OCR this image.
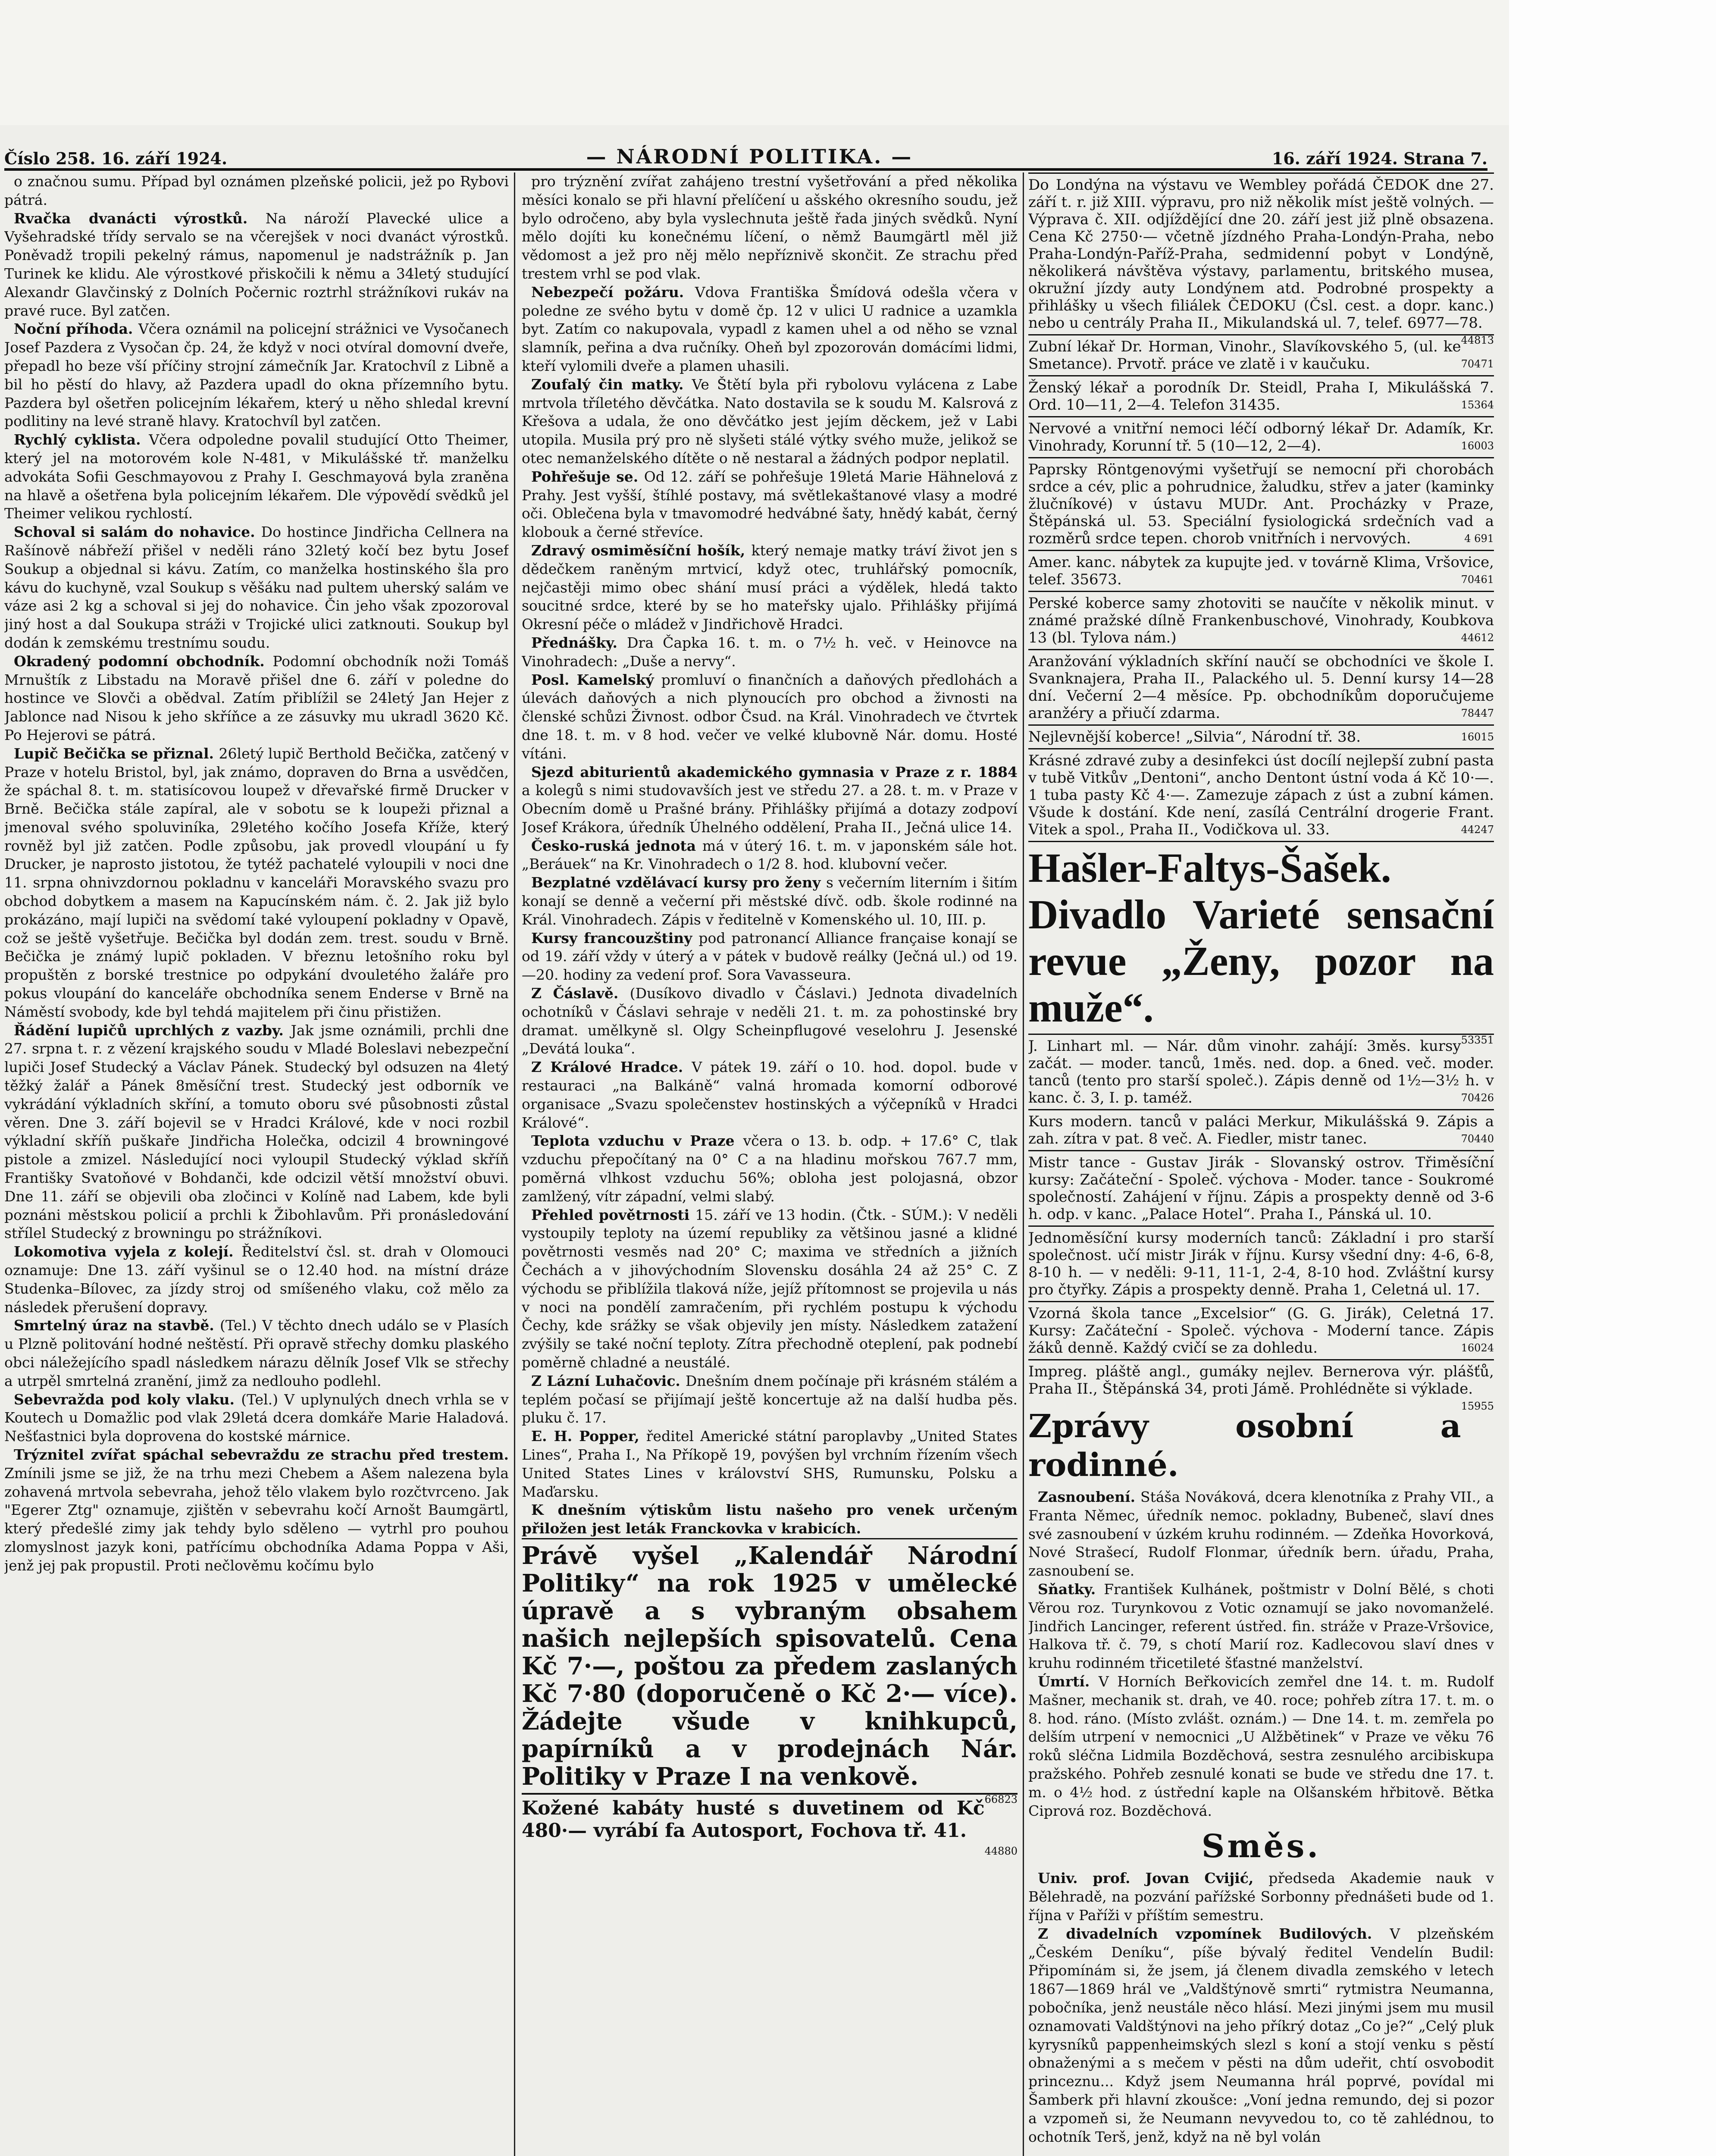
Číslo 258. 16. září 1924.	— NÁRODNÍ POLITIKA. —	16. září 1924. Strana 7.

o značnou sumu. Případ byl oznámen plzeňské policii, jež po Rybovi pátrá.

Rvačka dvanácti výrostků. Na nároží Plavecké ulice a Vyšehradské třídy servalo se na včerejšek v noci dvanáct výrostků. Poněvadž tropili pekelný rámus, napomenul je nadstrážník p. Jan Turinek ke klidu. Ale výrostkové přiskočili k němu a 34letý studující Alexandr Glavčinský z Dolních Počernic roztrhl strážníkovi rukáv na pravé ruce. Byl zatčen.

Noční příhoda. Včera oznámil na policejní strážnici ve Vysočanech Josef Pazdera z Vysočan čp. 24, že když v noci otvíral domovní dveře, přepadl ho beze vší příčiny strojní zámečník Jar. Kratochvíl z Libně a bil ho pěstí do hlavy, až Pazdera upadl do okna přízemního bytu. Pazdera byl ošetřen policejním lékařem, který u něho shledal krevní podlitiny na levé straně hlavy. Kratochvíl byl zatčen.

Rychlý cyklista. Včera odpoledne povalil studující Otto Theimer, který jel na motorovém kole N-481, v Mikulášské tř. manželku advokáta Sofii Geschmayovou z Prahy I. Geschmayová byla zraněna na hlavě a ošetřena byla policejním lékařem. Dle výpovědí svědků jel Theimer velikou rychlostí.

Schoval si salám do nohavice. Do hostince Jindřicha Cellnera na Rašínově nábřeží přišel v neděli ráno 32letý kočí bez bytu Josef Soukup a objednal si kávu. Zatím, co manželka hostinského šla pro kávu do kuchyně, vzal Soukup s věšáku nad pultem uherský salám ve váze asi 2 kg a schoval si jej do nohavice. Čin jeho však zpozoroval jiný host a dal Soukupa stráži v Trojické ulici zatknouti. Soukup byl dodán k zemskému trestnímu soudu.

Okradený podomní obchodník. Podomní obchodník noži Tomáš Mrnuštík z Libstadu na Moravě přišel dne 6. září v poledne do hostince ve Slovči a obědval. Zatím přiblížil se 24letý Jan Hejer z Jablonce nad Nisou k jeho skříňce a ze zásuvky mu ukradl 3620 Kč. Po Hejerovi se pátrá.

Lupič Bečička se přiznal. 26letý lupič Berthold Bečička, zatčený v Praze v hotelu Bristol, byl, jak známo, dopraven do Brna a usvědčen, že spáchal 8. t. m. statisícovou loupež v dřevařské firmě Drucker v Brně. Bečička stále zapíral, ale v sobotu se k loupeži přiznal a jmenoval svého spoluviníka, 29letého kočího Josefa Kříže, který rovněž byl již zatčen. Podle způsobu, jak provedl vloupání u fy Drucker, je naprosto jistotou, že tytéž pachatelé vyloupili v noci dne 11. srpna ohnivzdornou pokladnu v kanceláři Moravského svazu pro obchod dobytkem a masem na Kapucínském nám. č. 2. Jak již bylo prokázáno, mají lupiči na svědomí také vyloupení pokladny v Opavě, což se ještě vyšetřuje. Bečička byl dodán zem. trest. soudu v Brně. Bečička je známý lupič pokladen. V březnu letošního roku byl propuštěn z borské trestnice po odpykání dvouletého žaláře pro pokus vloupání do kanceláře obchodníka senem Enderse v Brně na Náměstí svobody, kde byl tehdá majitelem při činu přistižen.

Řádění lupičů uprchlých z vazby. Jak jsme oznámili, prchli dne 27. srpna t. r. z vězení krajského soudu v Mladé Boleslavi nebezpeční lupiči Josef Studecký a Václav Pánek. Studecký byl odsuzen na 4letý těžký žalář a Pánek 8měsíční trest. Studecký jest odborník ve vykrádání výkladních skříní, a tomuto oboru své působnosti zůstal věren. Dne 3. září bojevil se v Hradci Králové, kde v noci rozbil výkladní skříň puškaře Jindřicha Holečka, odcizil 4 browningové pistole a zmizel. Následující noci vyloupil Studecký výklad skříň Františky Svatoňové v Bohdanči, kde odcizil větší množství obuvi. Dne 11. září se objevili oba zločinci v Kolíně nad Labem, kde byli poznáni městskou policií a prchli k Žibohlavům. Při pronásledování střílel Studecký z browningu po strážníkovi.

Lokomotiva vyjela z kolejí. Ředitelství čsl. st. drah v Olomouci oznamuje: Dne 13. září vyšinul se o 12.40 hod. na místní dráze Studenka–Bílovec, za jízdy stroj od smíšeného vlaku, což mělo za následek přerušení dopravy.

Smrtelný úraz na stavbě. (Tel.) V těchto dnech událo se v Plasích u Plzně politování hodné neštěstí. Při opravě střechy domku plaského obci náležejícího spadl následkem nárazu dělník Josef Vlk se střechy a utrpěl smrtelná zranění, jimž za nedlouho podlehl.

Sebevražda pod koly vlaku. (Tel.) V uplynulých dnech vrhla se v Koutech u Domažlic pod vlak 29letá dcera domkáře Marie Haladová. Nešťastnici byla doprovena do kostské márnice.

Trýznitel zvířat spáchal sebevraždu ze strachu před trestem. Zmínili jsme se již, že na trhu mezi Chebem a Ašem nalezena byla zohavená mrtvola sebevraha, jehož tělo vlakem bylo rozčtvrceno. Jak "Egerer Ztg" oznamuje, zjištěn v sebevrahu kočí Arnošt Baumgärtl, který předešlé zimy jak tehdy bylo sděleno — vytrhl pro pouhou zlomyslnost jazyk koni, patřícímu obchodníka Adama Poppa v Aši, jenž jej pak propustil. Proti nečlověmu kočímu bylo

pro trýznění zvířat zahájeno trestní vyšetřování a před několika měsíci konalo se při hlavní přelíčení u ašského okresního soudu, jež bylo odročeno, aby byla vyslechnuta ještě řada jiných svědků. Nyní mělo dojíti ku konečnému líčení, o němž Baumgärtl měl již vědomost a jež pro něj mělo nepříznivě skončit. Ze strachu před trestem vrhl se pod vlak.

Nebezpečí požáru. Vdova Františka Šmídová odešla včera v poledne ze svého bytu v domě čp. 12 v ulici U radnice a uzamkla byt. Zatím co nakupovala, vypadl z kamen uhel a od něho se vznal slamník, peřina a dva ručníky. Oheň byl zpozorován domácími lidmi, kteří vylomili dveře a plamen uhasili.

Zoufalý čin matky. Ve Štětí byla při rybolovu vylácena z Labe mrtvola tříletého děvčátka. Nato dostavila se k soudu M. Kalsrová z Křešova a udala, že ono děvčátko jest jejím děckem, jež v Labi utopila. Musila prý pro ně slyšeti stálé výtky svého muže, jelikož se otec nemanželského dítěte o ně nestaral a žádných podpor neplatil.

Pohřešuje se. Od 12. září se pohřešuje 19letá Marie Hähnelová z Prahy. Jest vyšší, štíhlé postavy, má světlekaštanové vlasy a modré oči. Oblečena byla v tmavomodré hedvábné šaty, hnědý kabát, černý klobouk a černé střevíce.

Zdravý osmiměsíční hošík, který nemaje matky tráví život jen s dědečkem raněným mrtvicí, když otec, truhlářský pomocník, nejčastěji mimo obec shání musí práci a výdělek, hledá takto soucitné srdce, které by se ho mateřsky ujalo. Přihlášky přijímá Okresní péče o mládež v Jindřichově Hradci.

Přednášky. Dra Čapka 16. t. m. o 7½ h. več. v Heinovce na Vinohradech: „Duše a nervy“.

Posl. Kamelský promluví o finančních a daňových předlohách a úlevách daňových a nich plynoucích pro obchod a živnosti na členské schůzi Živnost. odbor Čsud. na Král. Vinohradech ve čtvrtek dne 18. t. m. v 8 hod. večer ve velké klubovně Nár. domu. Hosté vítáni.

Sjezd abiturientů akademického gymnasia v Praze z r. 1884 a kolegů s nimi studovavších jest ve středu 27. a 28. t. m. v Praze v Obecním domě u Prašné brány. Přihlášky přijímá a dotazy zodpoví Josef Krákora, úředník Úhelného oddělení, Praha II., Ječná ulice 14.

Česko-ruská jednota má v úterý 16. t. m. v japonském sále hot. „Beráuek“ na Kr. Vinohradech o 1/2 8. hod. klubovní večer.

Bezplatné vzdělávací kursy pro ženy s večerním literním i šitím konají se denně a večerní při městské dívč. odb. škole rodinné na Král. Vinohradech. Zápis v ředitelně v Komenského ul. 10, III. p.

Kursy francouzštiny pod patronancí Alliance française konají se od 19. září vždy v úterý a v pátek v budově reálky (Ječná ul.) od 19.—20. hodiny za vedení prof. Sora Vavasseura.

Z Čáslavě. (Dusíkovo divadlo v Čáslavi.) Jednota divadelních ochotníků v Čáslavi sehraje v neděli 21. t. m. za pohostinské bry dramat. umělkyně sl. Olgy Scheinpflugové veselohru J. Jesenské „Devátá louka“.

Z Králové Hradce. V pátek 19. září o 10. hod. dopol. bude v restauraci „na Balkáně“ valná hromada komorní odborové organisace „Svazu společenstev hostinských a výčepníků v Hradci Králové“.

Teplota vzduchu v Praze včera o 13. b. odp. + 17.6° C, tlak vzduchu přepočítaný na 0° C a na hladinu mořskou 767.7 mm, poměrná vlhkost vzduchu 56%; obloha jest polojasná, obzor zamlžený, vítr západní, velmi slabý.

Přehled povětrnosti 15. září ve 13 hodin. (Čtk. - SÚM.): V neděli vystoupily teploty na území republiky za většinou jasné a klidné povětrnosti vesměs nad 20° C; maxima ve středních a jižních Čechách a v jihovýchodním Slovensku dosáhla 24 až 25° C. Z východu se přiblížila tlaková níže, jejíž přítomnost se projevila u nás v noci na pondělí zamračením, při rychlém postupu k východu Čechy, kde srážky se však objevily jen místy. Následkem zatažení zvýšily se také noční teploty. Zítra přechodně oteplení, pak podnebí poměrně chladné a neustálé.

Z Lázní Luhačovic. Dnešním dnem počínaje při krásném stálém a teplém počasí se přijímají ještě koncertuje až na další hudba pěs. pluku č. 17.

E. H. Popper, ředitel Americké státní paroplavby „United States Lines“, Praha I., Na Příkopě 19, povýšen byl vrchním řízením všech United States Lines v království SHS, Rumunsku, Polsku a Maďarsku.

K dnešním výtiskům listu našeho pro venek určeným přiložen jest leták Franckovka v krabicích.

Právě vyšel „Kalendář Národní Politiky“ na rok 1925 v umělecké úpravě a s vybraným obsahem našich nejlepších spisovatelů. Cena Kč 7·—, poštou za předem zaslaných Kč 7·80 (doporučeně o Kč 2·— více). Žádejte všude v knihkupců, papírníků a v prodejnách Nár. Politiky v Praze I na venkově.
66823
Kožené kabáty husté s duvetinem od Kč 480·— vyrábí fa Autosport, Fochova tř. 41.
44880
Do Londýna na výstavu ve Wembley pořádá ČEDOK dne 27. září t. r. již XIII. výpravu, pro niž několik míst ještě volných. — Výprava č. XII. odjíždějící dne 20. září jest již plně obsazena. Cena Kč 2750·— včetně jízdného Praha-Londýn-Praha, nebo Praha-Londýn-Paříž-Praha, sedmidenní pobyt v Londýně, několikerá návštěva výstavy, parlamentu, britského musea, okružní jízdy auty Londýnem atd. Podrobné prospekty a přihlášky u všech filiálek ČEDOKU (Čsl. cest. a dopr. kanc.) nebo u centrály Praha II., Mikulandská ul. 7, telef. 6977—78.
44813
Zubní lékař Dr. Horman, Vinohr., Slavíkovského 5, (ul. ke Smetance). Prvotř. práce ve zlatě i v kaučuku.	70471
Ženský lékař a porodník Dr. Steidl, Praha I, Mikulášská 7. Ord. 10—11, 2—4. Telefon 31435.	15364
Nervové a vnitřní nemoci léčí odborný lékař Dr. Adamík, Kr. Vinohrady, Korunní tř. 5 (10—12, 2—4).	16003
Paprsky Röntgenovými vyšetřují se nemocní při chorobách srdce a cév, plic a pohrudnice, žaludku, střev a jater (kaminky žlučníkové) v ústavu MUDr. Ant. Procházky v Praze, Štěpánská ul. 53. Speciální fysiologická srdečních vad a rozměrů srdce tepen. chorob vnitřních i nervových.	4 691
Amer. kanc. nábytek za kupujte jed. v továrně Klima, Vršovice, telef. 35673.	70461
Perské koberce samy zhotoviti se naučíte v několik minut. v známé pražské dílně Frankenbuschové, Vinohrady, Koubkova 13 (bl. Tylova nám.)	44612
Aranžování výkladních skříní naučí se obchodníci ve škole I. Svanknajera, Praha II., Palackého ul. 5. Denní kursy 14—28 dní. Večerní 2—4 měsíce. Pp. obchodníkům doporučujeme aranžéry a přiučí zdarma.	78447
Nejlevnější koberce! „Silvia“, Národní tř. 38.	16015
Krásné zdravé zuby a desinfekci úst docílí nejlepší zubní pasta v tubě Vitkův „Dentoni“, ancho Dentont ústní voda á Kč 10·—. 1 tuba pasty Kč 4·—. Zamezuje zápach z úst a zubní kámen. Všude k dostání. Kde není, zasílá Centrální drogerie Frant. Vitek a spol., Praha II., Vodičkova ul. 33.	44247
Hašler-Faltys-Šašek. Divadlo Varieté sensační revue „Ženy, pozor na muže“.
53351
J. Linhart ml. — Nár. dům vinohr. zahájí: 3měs. kursy začát. — moder. tanců, 1měs. ned. dop. a 6ned. več. moder. tanců (tento pro starší společ.). Zápis denně od 1½—3½ h. v kanc. č. 3, I. p. taméž.	70426
Kurs modern. tanců v paláci Merkur, Mikulášská 9. Zápis a zah. zítra v pat. 8 več. A. Fiedler, mistr tanec.	70440
Mistr tance - Gustav Jirák - Slovanský ostrov. Třiměsíční kursy: Začáteční - Společ. výchova - Moder. tance - Soukromé společností. Zahájení v říjnu. Zápis a prospekty denně od 3-6 h. odp. v kanc. „Palace Hotel“. Praha I., Pánská ul. 10.
Jednoměsíční kursy moderních tanců: Základní i pro starší společnost. učí mistr Jirák v říjnu. Kursy všední dny: 4-6, 6-8, 8-10 h. — v neděli: 9-11, 11-1, 2-4, 8-10 hod. Zvláštní kursy pro čtyřky. Zápis a prospekty denně. Praha 1, Celetná ul. 17.
Vzorná škola tance „Excelsior“ (G. G. Jirák), Celetná 17. Kursy: Začáteční - Společ. výchova - Moderní tance. Zápis žáků denně. Každý cvičí se za dohledu.	16024
Impreg. pláště angl., gumáky nejlev. Bernerova výr. plášťů, Praha II., Štěpánská 34, proti Jámě. Prohlédněte si výklade.
15955
Zprávy osobní a rodinné.

Zasnoubení. Stáša Nováková, dcera klenotníka z Prahy VII., a Franta Němec, úředník nemoc. pokladny, Bubeneč, slaví dnes své zasnoubení v úzkém kruhu rodinném. — Zdeňka Hovorková, Nové Strašecí, Rudolf Flonmar, úředník bern. úřadu, Praha, zasnoubení se.

Sňatky. František Kulhánek, poštmistr v Dolní Bělé, s choti Věrou roz. Turynkovou z Votic oznamují se jako novomanželé. Jindřich Lancinger, referent ústřed. fin. stráže v Praze-Vršovice, Halkova tř. č. 79, s chotí Marií roz. Kadlecovou slaví dnes v kruhu rodinném třicetileté šťastné manželství.

Úmrtí. V Horních Beřkovicích zemřel dne 14. t. m. Rudolf Mašner, mechanik st. drah, ve 40. roce; pohřeb zítra 17. t. m. o 8. hod. ráno. (Místo zvlášt. oznám.) — Dne 14. t. m. zemřela po delším utrpení v nemocnici „U Alžbětinek“ v Praze ve věku 76 roků sléčna Lidmila Bozděchová, sestra zesnulého arcibiskupa pražského. Pohřeb zesnulé konati se bude ve středu dne 17. t. m. o 4½ hod. z ústřední kaple na Olšanském hřbitově. Bětka Ciprová roz. Bozděchová.

Směs.

Univ. prof. Jovan Cvijić, předseda Akademie nauk v Bělehradě, na pozvání pařížské Sorbonny přednášeti bude od 1. října v Paříži v příštím semestru.

Z divadelních vzpomínek Budilových. V plzeňském „Českém Deníku“, píše bývalý ředitel Vendelín Budil: Připomínám si, že jsem, já členem divadla zemského v letech 1867—1869 hrál ve „Valdštýnově smrti“ rytmistra Neumanna, pobočníka, jenž neustále něco hlásí. Mezi jinými jsem mu musil oznamovati Valdštýnovi na jeho příkrý dotaz „Co je?“ „Celý pluk kyrysníků pappenheimských slezl s koní a stojí venku s pěstí obnaženými a s mečem v pěsti na dům udeřit, chtí osvobodit princeznu... Když jsem Neumanna hrál poprvé, povídal mi Šamberk při hlavní zkoušce: „Voní jedna remundo, dej si pozor a vzpomeň si, že Neumann nevyvedou to, co tě zahlédnou, to ochotník Terš, jenž, když na ně byl volán
